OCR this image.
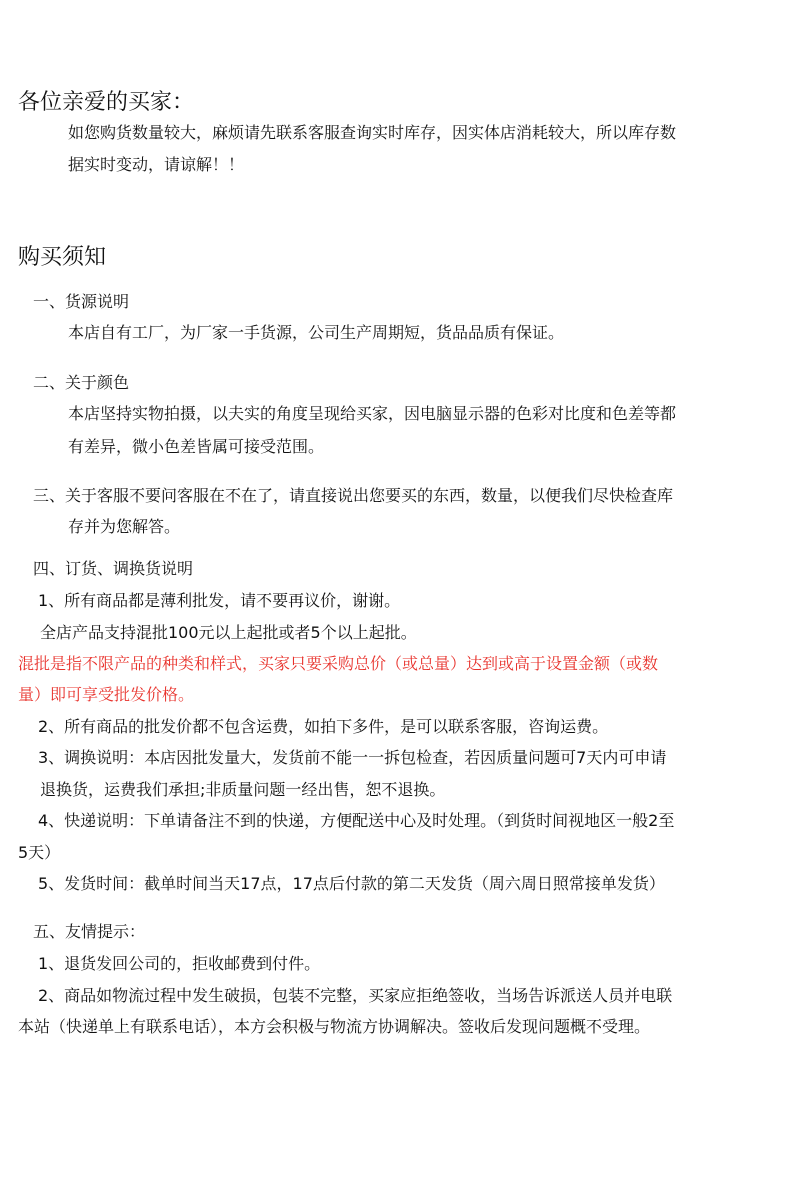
各位亲爱的买家：
如您购货数量较大，麻烦请先联系客服查询实时库存，因实体店消耗较大，所以库存数
据实时变动，请谅解！！
购买须知
一、货源说明
本店自有工厂，为厂家一手货源，公司生产周期短，货品品质有保证。
二、关于颜色
本店坚持实物拍摄，以夫实的角度呈现给买家，因电脑显示器的色彩对比度和色差等都
有差异，微小色差皆属可接受范围。
三、关于客服不要问客服在不在了，请直接说出您要买的东西，数量，以便我们尽快检查库
存并为您解答。
四、订货、调换货说明
1、所有商品都是薄利批发，请不要再议价，谢谢。
全店产品支持混批100元以上起批或者5个以上起批。
混批是指不限产品的种类和样式，买家只要采购总价（或总量）达到或高于设置金额（或数
量）即可享受批发价格。
2、所有商品的批发价都不包含运费，如拍下多件，是可以联系客服，咨询运费。
3、调换说明：本店因批发量大，发货前不能一一拆包检查，若因质量问题可7天内可申请
退换货，运费我们承担;非质量问题一经出售，恕不退换。
4、快递说明：下单请备注不到的快递，方便配送中心及时处理。（到货时间视地区一般2至
5天）
5、发货时间：截单时间当天17点，17点后付款的第二天发货（周六周日照常接单发货）
五、友情提示：
1、退货发回公司的，拒收邮费到付件。
2、商品如物流过程中发生破损，包装不完整，买家应拒绝签收，当场告诉派送人员并电联
本站（快递单上有联系电话），本方会积极与物流方协调解决。签收后发现问题概不受理。
